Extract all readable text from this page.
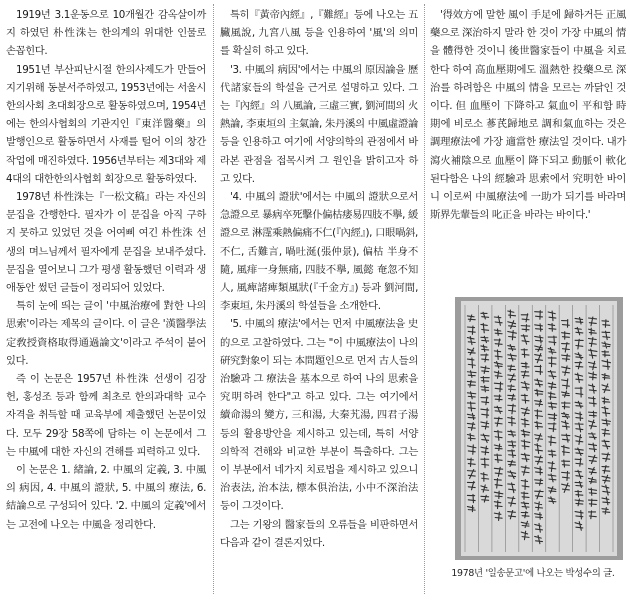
1919년 3.1운동으로 10개월간 감옥살이까지 하였던 朴性洙는 한의계의 위대한 인물로 손꼽힌다.

1951년 부산피난시절 한의사제도가 만들어지기위해 동분서주하였고, 1953년에는 서울시한의사회 초대회장으로 활동하였으며, 1954년에는 한의사협회의 기관지인『東洋醫藥』의 발행인으로 활동하면서 사재를 털어 이의 창간작업에 매진하였다. 1956년부터는 제3대와 제4대의 대한한의사협회 회장으로 활동하였다.

1978년 朴性洙는『一松文稿』라는 자신의 문집을 간행한다. 필자가 이 문집을 아직 구하지 못하고 있었던 것을 어여삐 여긴 朴性洙 선생의 며느님께서 필자에게 문집을 보내주셨다. 문집을 열어보니 그가 평생 활동했던 이력과 생애동안 썼던 글들이 정리되어 있었다.

특히 눈에 띄는 글이 '中風治療에 對한 나의 思索'이라는 제목의 글이다. 이 글은 '漢醫學法定敎授資格取得通過論文'이라고 주석이 붙어 있다.

즉 이 논문은 1957년 朴性洙 선생이 김장헌, 홍성조 등과 함께 최초로 한의과대학 교수 자격을 취득할 때 교육부에 제출했던 논문이었다. 모두 29장 58쪽에 담하는 이 논문에서 그는 中風에 대한 자신의 견해를 피력하고 있다.

이 논문은 1. 緒論, 2. 中風의 定義, 3. 中風의 病因, 4. 中風의 證狀, 5. 中風의 療法, 6. 結論으로 구성되어 있다. '2. 中風의 定義'에서는 고전에 나오는 中風을 정리한다.

특히『黃帝內經』,『難經』등에 나오는 五臟風說, 九宮八風 등을 인용하여 '風'의 의미를 확실히 하고 있다.

'3. 中風의 病因'에서는 中風의 原因論을 歷代諸家들의 학설을 근거로 설명하고 있다. 그는『內經』의 八風論, 三虛三實, 劉河間의 火熱論, 李東垣의 主氣論, 朱丹溪의 中風虛證論 등을 인용하고 여기에 서양의학의 관점에서 바라본 관점을 접목시켜 그 원인을 밝히고자 하고 있다.

'4. 中風의 證狀'에서는 中風의 證狀으로서 急證으로 暴病卒死擊仆偏枯痿易四肢不擧, 緩證으로 淋霪乘熱偏痛不仁(『內經』), 口眼喎斜, 不仁, 舌難言, 喎吐涎(張仲景), 偏枯 半身不隨, 風痱一身無痛, 四肢不擧, 風懿 奄忽不知人, 風痺諸痺類風狀(『千金方』) 등과 劉河間, 李東垣, 朱丹溪의 학설들을 소개한다.

'5. 中風의 療法'에서는 먼저 中風療法을 史的으로 고찰하였다. 그는 "이 中風療法이 나의 硏究對象이 되는 本問題인으로 먼저 古人들의 治驗과 그 療法을 基本으로 하여 나의 思索을 究明하려 한다"고 하고 있다. 그는 여기에서 續命湯의 變方, 三和湯, 大秦艽湯, 四君子湯 등의 활용방안을 제시하고 있는데, 특히 서양의학적 견해와 비교한 부분이 특출하다. 그는 이 부분에서 네가지 치료법을 제시하고 있으니 治表法, 治本法, 標本俱治法, 小中不深治法 등이 그것이다.

그는 기왕의 醫家들의 오류들을 비판하면서 다음과 같이 결론지었다.

'得效方에 말한 風이 手足에 歸하거든 正風藥으로 深治하지 말라 한 것이 가장 中風의 情을 體得한 것이니 後世醫家들이 中風을 치료한다 하여 高血壓期에도 溫熱한 投藥으로 深治를 하려함은 中風의 情을 모르는 까닭인 것이다. 但 血壓이 下降하고 氣血이 平和함 時期에 비로소 蔘芪歸地로 調和氣血하는 것은 調理療法에 가장 適當한 療法일 것이다. 내가 瀉火補陰으로 血壓이 降下되고 動脈이 軟化된다함은 나의 經驗과 思索에서 究明한 바이니 이로써 中風療法에 一助가 되기를 바라며 斯界先輩들의 叱正을 바라는 바이다.'

1978년 '일송문고'에 나오는 박성수의 글.
